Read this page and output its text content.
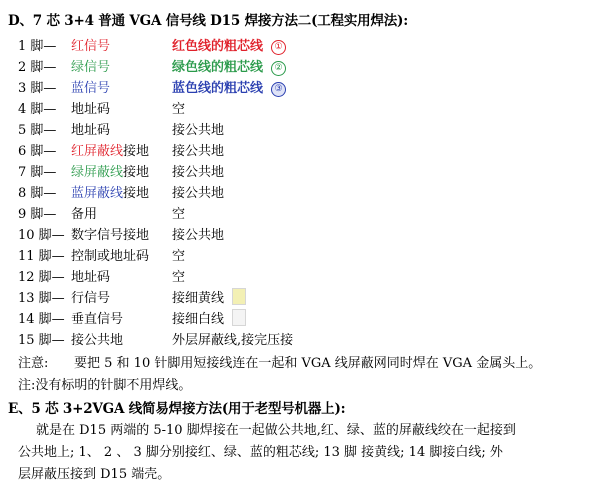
D、7 芯 3+4 普通 VGA 信号线 D15 焊接方法二(工程实用焊法):
1 脚— 红信号	红色线的粗芯线 ①
2 脚— 绿信号	绿色线的粗芯线 ②
3 脚— 蓝信号	蓝色线的粗芯线 ③
4 脚— 地址码	空
5 脚— 地址码	接公共地
6 脚— 红屏蔽线接地 接公共地
7 脚— 绿屏蔽线接地 接公共地
8 脚— 蓝屏蔽线接地 接公共地
9 脚— 备用	空
10 脚— 数字信号接地 接公共地
11 脚— 控制或地址码 空
12 脚— 地址码	空
13 脚— 行信号	接细黄线
14 脚— 垂直信号	接细白线
15 脚— 接公共地	外层屏蔽线,接完压接
注意: 要把 5 和 10 针脚用短接线连在一起和 VGA 线屏蔽网同时焊在 VGA 金属头上。
注:没有标明的针脚不用焊线。
E、5 芯 3+2VGA 线简易焊接方法(用于老型号机器上):
就是在 D15 两端的 5-10 脚焊接在一起做公共地,红、绿、蓝的屏蔽线绞在一起接到
公共地上; 1、 2 、 3 脚分别接红、绿、蓝的粗芯线; 13 脚 接黄线; 14 脚接白线; 外
层屏蔽压接到 D15 端壳。
